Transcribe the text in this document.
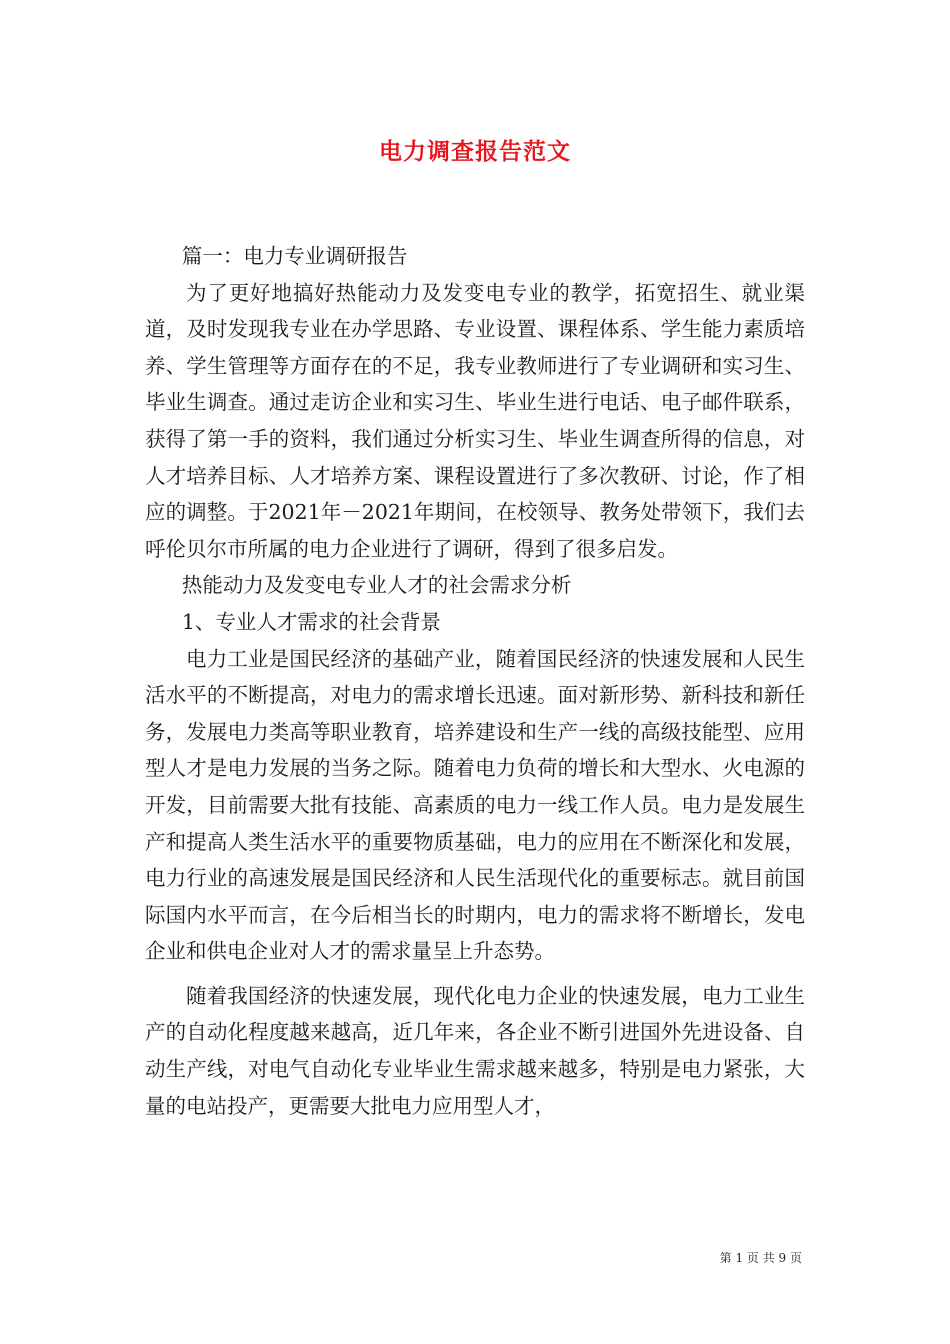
电力调查报告范文

篇一：电力专业调研报告

为了更好地搞好热能动力及发变电专业的教学，拓宽招生、就业渠道，及时发现我专业在办学思路、专业设置、课程体系、学生能力素质培养、学生管理等方面存在的不足，我专业教师进行了专业调研和实习生、毕业生调查。通过走访企业和实习生、毕业生进行电话、电子邮件联系，获得了第一手的资料，我们通过分析实习生、毕业生调查所得的信息，对人才培养目标、人才培养方案、课程设置进行了多次教研、讨论，作了相应的调整。于2021年－2021年期间，在校领导、教务处带领下，我们去呼伦贝尔市所属的电力企业进行了调研，得到了很多启发。

热能动力及发变电专业人才的社会需求分析

1、专业人才需求的社会背景

电力工业是国民经济的基础产业，随着国民经济的快速发展和人民生活水平的不断提高，对电力的需求增长迅速。面对新形势、新科技和新任务，发展电力类高等职业教育，培养建设和生产一线的高级技能型、应用型人才是电力发展的当务之际。随着电力负荷的增长和大型水、火电源的开发，目前需要大批有技能、高素质的电力一线工作人员。电力是发展生产和提高人类生活水平的重要物质基础，电力的应用在不断深化和发展，电力行业的高速发展是国民经济和人民生活现代化的重要标志。就目前国际国内水平而言，在今后相当长的时期内，电力的需求将不断增长，发电企业和供电企业对人才的需求量呈上升态势。

随着我国经济的快速发展，现代化电力企业的快速发展，电力工业生产的自动化程度越来越高，近几年来，各企业不断引进国外先进设备、自动生产线，对电气自动化专业毕业生需求越来越多，特别是电力紧张，大量的电站投产，更需要大批电力应用型人才，

第 1 页 共 9 页
